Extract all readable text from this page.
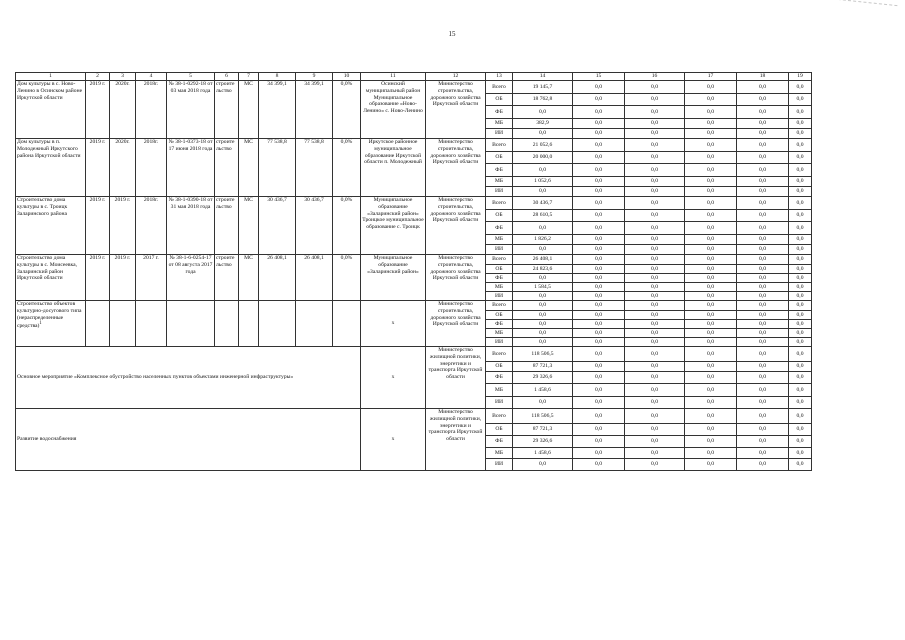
15
1	2	3	4	5	6	7	8	9	10	11	12	13	14	15	16	17	18	19
Дом культуры в с. Ново-Ленино в Осинском районе Иркутской области	2019 г.	2020г.	2018г.	№ 38-1-0292-18 от 03 мая 2018 года	строительство	МС	34 399,1	34 399,1	0,0%	Осинский муниципальный район Муниципальное образование «Ново-Ленино» с. Ново-Ленино	Министерство строительства, дорожного хозяйства Иркутской области	Всего	19 145,7	0,0	0,0	0,0	0,0	0,0
												ОБ	18 762,8	0,0	0,0	0,0	0,0	0,0
												ФБ	0,0	0,0	0,0	0,0	0,0	0,0
												МБ	382,9	0,0	0,0	0,0	0,0	0,0
												ИИ	0,0	0,0	0,0	0,0	0,0	0,0
Дом культуры в п. Молодежный Иркутского района Иркутской области	2019 г.	2020г.	2018г.	№ 38-1-0373-18 от 17 июня 2018 года	строительство	МС	77 538,8	77 538,8	0,0%	Иркутское районное муниципальное образование Иркутской области п. Молодежный	Министерство строительства, дорожного хозяйства Иркутской области	Всего	21 052,6	0,0	0,0	0,0	0,0	0,0
												ОБ	20 000,0	0,0	0,0	0,0	0,0	0,0
												ФБ	0,0	0,0	0,0	0,0	0,0	0,0
												МБ	1 052,6	0,0	0,0	0,0	0,0	0,0
												ИИ	0,0	0,0	0,0	0,0	0,0	0,0
Строительство дома культуры в с. Троицк Заларинского района	2019 г.	2019 г.	2018г.	№ 38-1-0390-18 от 31 мая 2018 года	строительство	МС	30 436,7	30 436,7	0,0%	Муниципальное образование «Заларинский район» Троицкое муниципальное образование с. Троицк	Министерство строительства, дорожного хозяйства Иркутской области	Всего	30 436,7	0,0	0,0	0,0	0,0	0,0
												ОБ	28 610,5	0,0	0,0	0,0	0,0	0,0
												ФБ	0,0	0,0	0,0	0,0	0,0	0,0
												МБ	1 826,2	0,0	0,0	0,0	0,0	0,0
												ИИ	0,0	0,0	0,0	0,0	0,0	0,0
Строительство дома культуры в с. Моисеевка, Заларинский район Иркутской области	2019 г.	2019 г.	2017 г.	№ 38-1-6-0254-17 от 08 августа 2017 года	строительство	МС	26 408,1	26 408,1	0,0%	Муниципальное образование «Заларинский район»	Министерство строительства, дорожного хозяйства Иркутской области	Всего	26 408,1	0,0	0,0	0,0	0,0	0,0
												ОБ	24 823,6	0,0	0,0	0,0	0,0	0,0
												ФБ	0,0	0,0	0,0	0,0	0,0	0,0
												МБ	1 584,5	0,0	0,0	0,0	0,0	0,0
												ИИ	0,0	0,0	0,0	0,0	0,0	0,0
Строительство объектов культурно-досугового типа (нераспределенные средства)$^1$										х	Министерство строительства, дорожного хозяйства Иркутской области	Всего	0,0	0,0	0,0	0,0	0,0	0,0
												ОБ	0,0	0,0	0,0	0,0	0,0	0,0
												ФБ	0,0	0,0	0,0	0,0	0,0	0,0
												МБ	0,0	0,0	0,0	0,0	0,0	0,0
												ИИ	0,0	0,0	0,0	0,0	0,0	0,0
Основное мероприятие «Комплексное обустройство населенных пунктов объектами инженерной инфраструктуры»										х	Министерство жилищной политики, энергетики и транспорта Иркутской области	Всего	118 506,5	0,0	0,0	0,0	0,0	0,0
												ОБ	87 721,3	0,0	0,0	0,0	0,0	0,0
												ФБ	29 326,6	0,0	0,0	0,0	0,0	0,0
												МБ	1 458,6	0,0	0,0	0,0	0,0	0,0
												ИИ	0,0	0,0	0,0	0,0	0,0	0,0
Развитие водоснабжения										х	Министерство жилищной политики, энергетики и транспорта Иркутской области	Всего	118 506,5	0,0	0,0	0,0	0,0	0,0
												ОБ	87 721,3	0,0	0,0	0,0	0,0	0,0
												ФБ	29 326,6	0,0	0,0	0,0	0,0	0,0
												МБ	1 458,6	0,0	0,0	0,0	0,0	0,0
												ИИ	0,0	0,0	0,0	0,0	0,0	0,0
